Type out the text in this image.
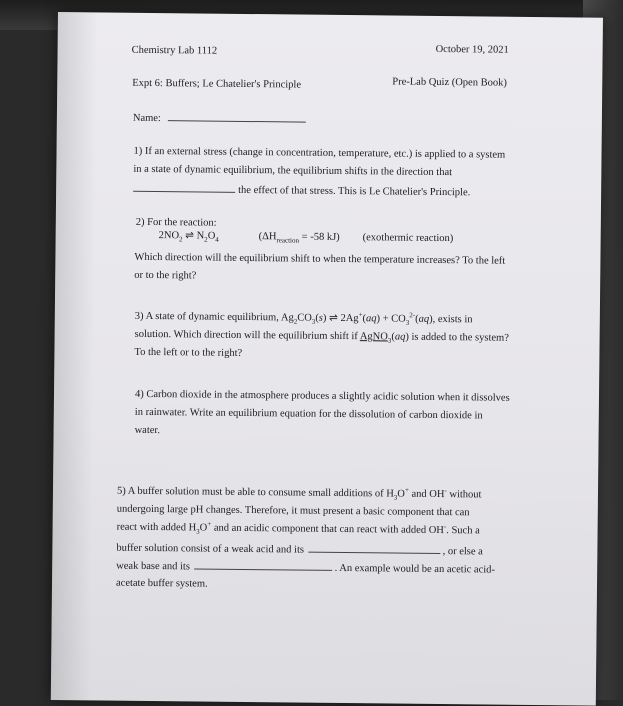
Chemistry Lab 1112	October 19, 2021
Expt 6: Buffers; Le Chatelier's Principle	Pre-Lab Quiz (Open Book)
Name:
1) If an external stress (change in concentration, temperature, etc.) is applied to a system
in a state of dynamic equilibrium, the equilibrium shifts in the direction that
the effect of that stress. This is Le Chatelier's Principle.
2) For the reaction:
$2NO_2$ ⇌ $N_2O_4$	($\Delta H_{reaction} = -58$ kJ) (exothermic reaction)
Which direction will the equilibrium shift to when the temperature increases? To the left
or to the right?
3) A state of dynamic equilibrium, $Ag_2CO_3(s)$ ⇌ $2Ag^+(aq) + CO_3^{2-}(aq)$, exists in
solution. Which direction will the equilibrium shift if AgNO$_3$(aq) is added to the system?
To the left or to the right?
4) Carbon dioxide in the atmosphere produces a slightly acidic solution when it dissolves
in rainwater. Write an equilibrium equation for the dissolution of carbon dioxide in
water.
5) A buffer solution must be able to consume small additions of $H_3O^+$ and OH- without
undergoing large pH changes. Therefore, it must present a basic component that can
react with added $H_3O^+$ and an acidic component that can react with added OH-. Such a
buffer solution consist of a weak acid and its	, or else a
weak base and its	. An example would be an acetic acid-
acetate buffer system.
